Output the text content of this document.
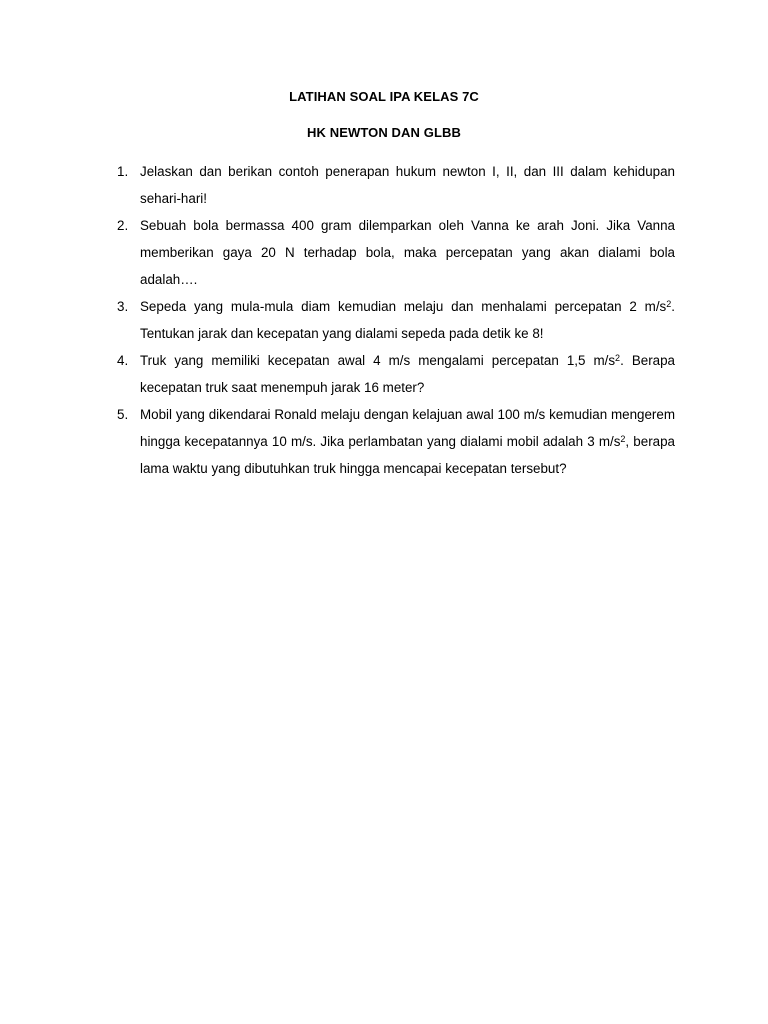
LATIHAN SOAL IPA KELAS 7C
HK NEWTON DAN GLBB
1. Jelaskan dan berikan contoh penerapan hukum newton I, II, dan III dalam kehidupan sehari-hari!
2. Sebuah bola bermassa 400 gram dilemparkan oleh Vanna ke arah Joni. Jika Vanna memberikan gaya 20 N terhadap bola, maka percepatan yang akan dialami bola adalah….
3. Sepeda yang mula-mula diam kemudian melaju dan menhalami percepatan 2 $m/s^2$. Tentukan jarak dan kecepatan yang dialami sepeda pada detik ke 8!
4. Truk yang memiliki kecepatan awal 4 m/s mengalami percepatan 1,5 $m/s^2$. Berapa kecepatan truk saat menempuh jarak 16 meter?
5. Mobil yang dikendarai Ronald melaju dengan kelajuan awal 100 m/s kemudian mengerem hingga kecepatannya 10 m/s. Jika perlambatan yang dialami mobil adalah 3 $m/s^2$, berapa lama waktu yang dibutuhkan truk hingga mencapai kecepatan tersebut?
